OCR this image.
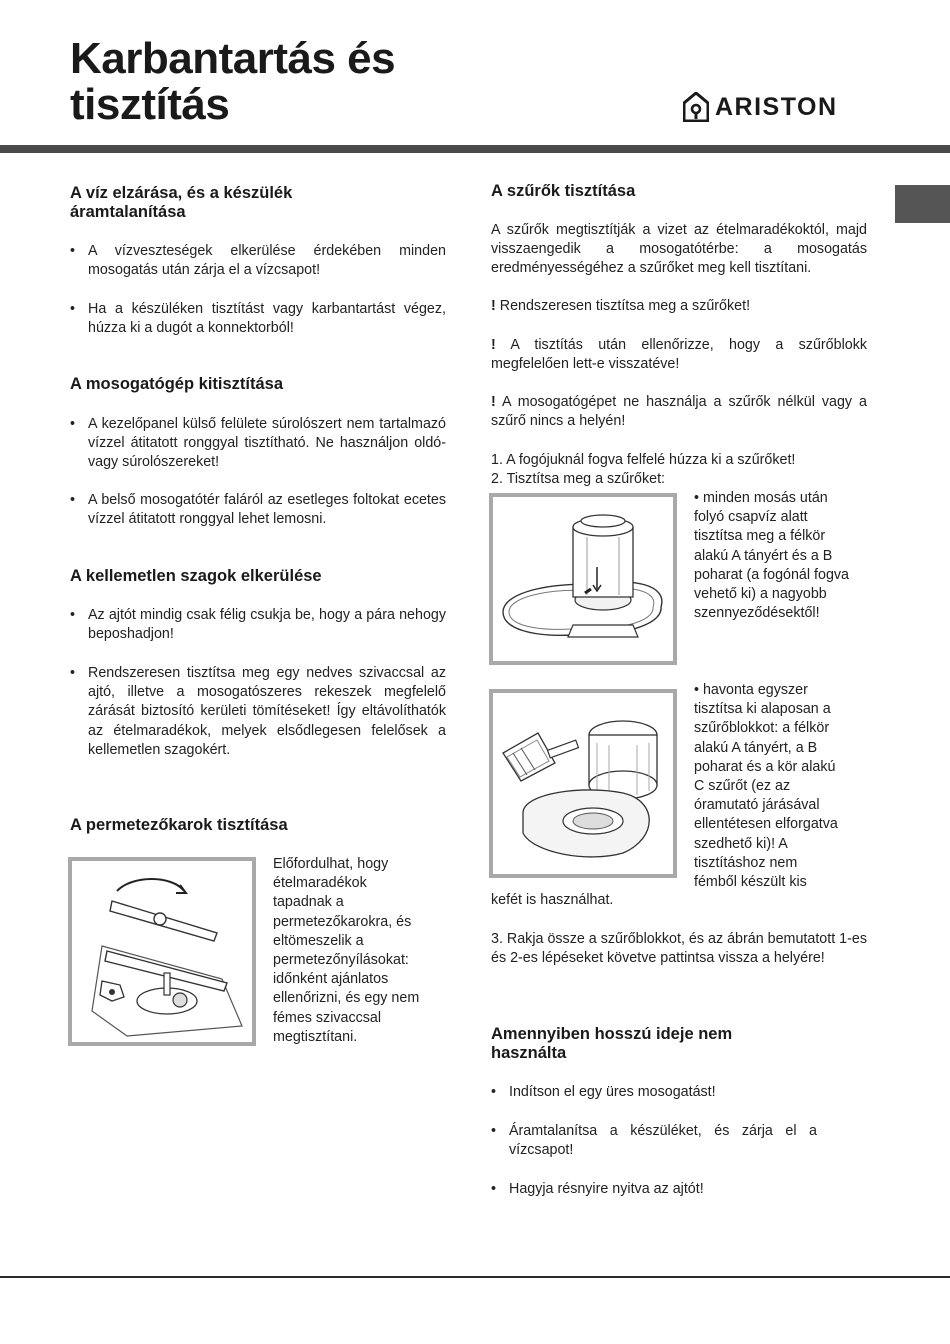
Karbantartás és
tisztítás	ARISTON
A víz elzárása, és a készülék
áramtalanítása
• A vízveszteségek elkerülése érdekében minden mosogatás után zárja el a vízcsapot!
• Ha a készüléken tisztítást vagy karbantartást végez, húzza ki a dugót a konnektorból!
A mosogatógép kitisztítása
• A kezelőpanel külső felülete súrolószert nem tartalmazó vízzel átitatott ronggyal tisztítható. Ne használjon oldó- vagy súrolószereket!
• A belső mosogatótér faláról az esetleges foltokat ecetes vízzel átitatott ronggyal lehet lemosni.
A kellemetlen szagok elkerülése
• Az ajtót mindig csak félig csukja be, hogy a pára nehogy beposhadjon!
• Rendszeresen tisztítsa meg egy nedves szivaccsal az ajtó, illetve a mosogatószeres rekeszek megfelelő zárását biztosító kerületi tömítéseket! Így eltávolíthatók az ételmaradékok, melyek elsődlegesen felelősek a kellemetlen szagokért.
A permetezőkarok tisztítása
Előfordulhat, hogy
ételmaradékok
tapadnak a
permetezőkarokra, és
eltömeszelik a
permetezőnyílásokat:
időnként ajánlatos
ellenőrizni, és egy nem
fémes szivaccsal
megtisztítani.
A szűrők tisztítása
A szűrők megtisztítják a vizet az ételmaradékoktól, majd visszaengedik a mosogatótérbe: a mosogatás eredményességéhez a szűrőket meg kell tisztítani.
! Rendszeresen tisztítsa meg a szűrőket!
! A tisztítás után ellenőrizze, hogy a szűrőblokk megfelelően lett-e visszatéve!
! A mosogatógépet ne használja a szűrők nélkül vagy a szűrő nincs a helyén!
1. A fogójuknál fogva felfelé húzza ki a szűrőket!
2. Tisztítsa meg a szűrőket:
• minden mosás után
folyó csapvíz alatt
tisztítsa meg a félkör
alakú A tányért és a B
poharat (a fogónál fogva
vehető ki) a nagyobb
szennyeződésektől!
• havonta egyszer
tisztítsa ki alaposan a
szűrőblokkot: a félkör
alakú A tányért, a B
poharat és a kör alakú
C szűrőt (ez az
óramutató járásával
ellentétesen elforgatva
szedhető ki)! A
tisztításhoz nem
fémből készült kis
kefét is használhat.
3. Rakja össze a szűrőblokkot, és az ábrán bemutatott 1-es és 2-es lépéseket követve pattintsa vissza a helyére!
Amennyiben hosszú ideje nem
használta
• Indítson el egy üres mosogatást!
• Áramtalanítsa a készüléket, és zárja el a vízcsapot!
• Hagyja résnyire nyitva az ajtót!
